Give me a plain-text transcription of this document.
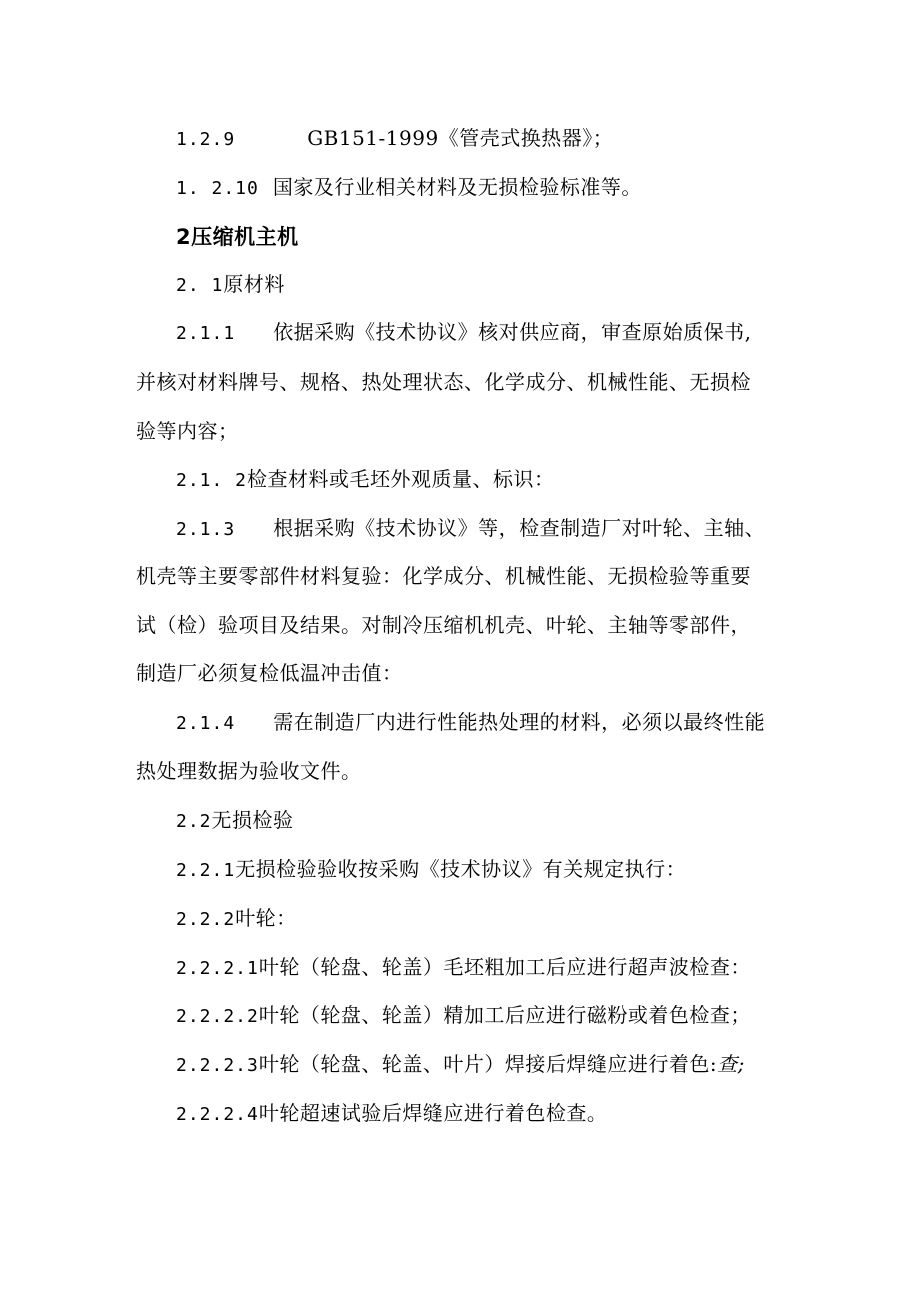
1.2.9	GB151-1999《管壳式换热器》；
1. 2.10 国家及行业相关材料及无损检验标准等。
2压缩机主机
2. 1原材料
2.1.1 依据采购《技术协议》核对供应商，审查原始质保书,
并核对材料牌号、规格、热处理状态、化学成分、机械性能、无损检
验等内容；
2.1. 2检查材料或毛坯外观质量、标识：
2.1.3 根据采购《技术协议》等，检查制造厂对叶轮、主轴、
机壳等主要零部件材料复验：化学成分、机械性能、无损检验等重要
试（检）验项目及结果。对制冷压缩机机壳、叶轮、主轴等零部件，
制造厂必须复检低温冲击值：
2.1.4 需在制造厂内进行性能热处理的材料，必须以最终性能
热处理数据为验收文件。
2.2无损检验
2.2.1无损检验验收按采购《技术协议》有关规定执行：
2.2.2叶轮：
2.2.2.1叶轮（轮盘、轮盖）毛坯粗加工后应进行超声波检查：
2.2.2.2叶轮（轮盘、轮盖）精加工后应进行磁粉或着色检查；
2.2.2.3叶轮（轮盘、轮盖、叶片）焊接后焊缝应进行着色:查;
2.2.2.4叶轮超速试验后焊缝应进行着色检查。
